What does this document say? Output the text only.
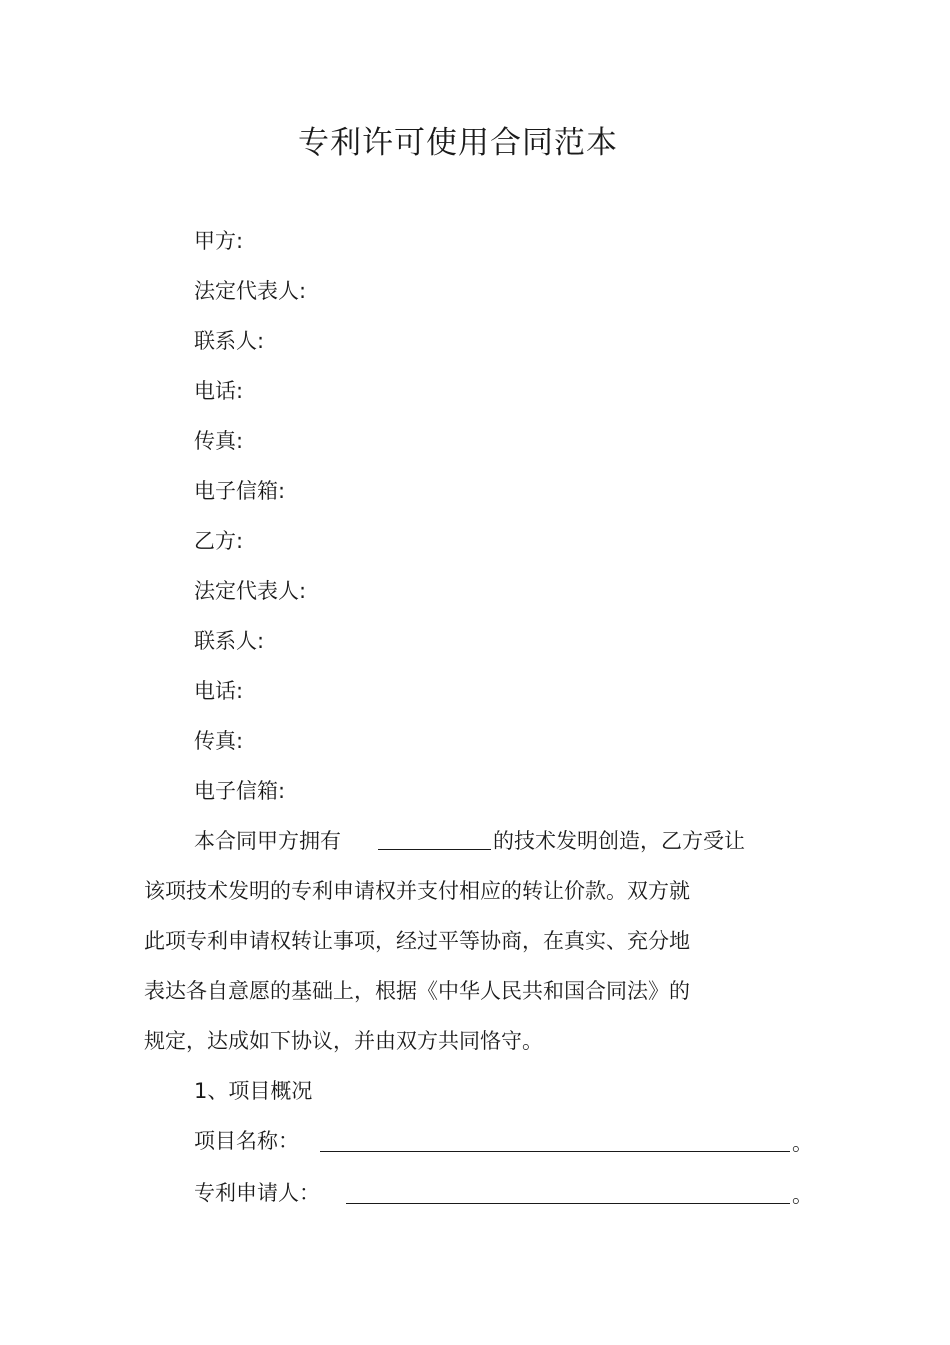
专利许可使用合同范本
甲方:
法定代表人:
联系人:
电话:
传真:
电子信箱:
乙方:
法定代表人:
联系人:
电话:
传真:
电子信箱:
本合同甲方拥有	的技术发明创造，乙方受让
该项技术发明的专利申请权并支付相应的转让价款。双方就
此项专利申请权转让事项，经过平等协商，在真实、充分地
表达各自意愿的基础上，根据《中华人民共和国合同法》的
规定，达成如下协议，并由双方共同恪守。
1、项目概况
项目名称：	。
专利申请人：	。
